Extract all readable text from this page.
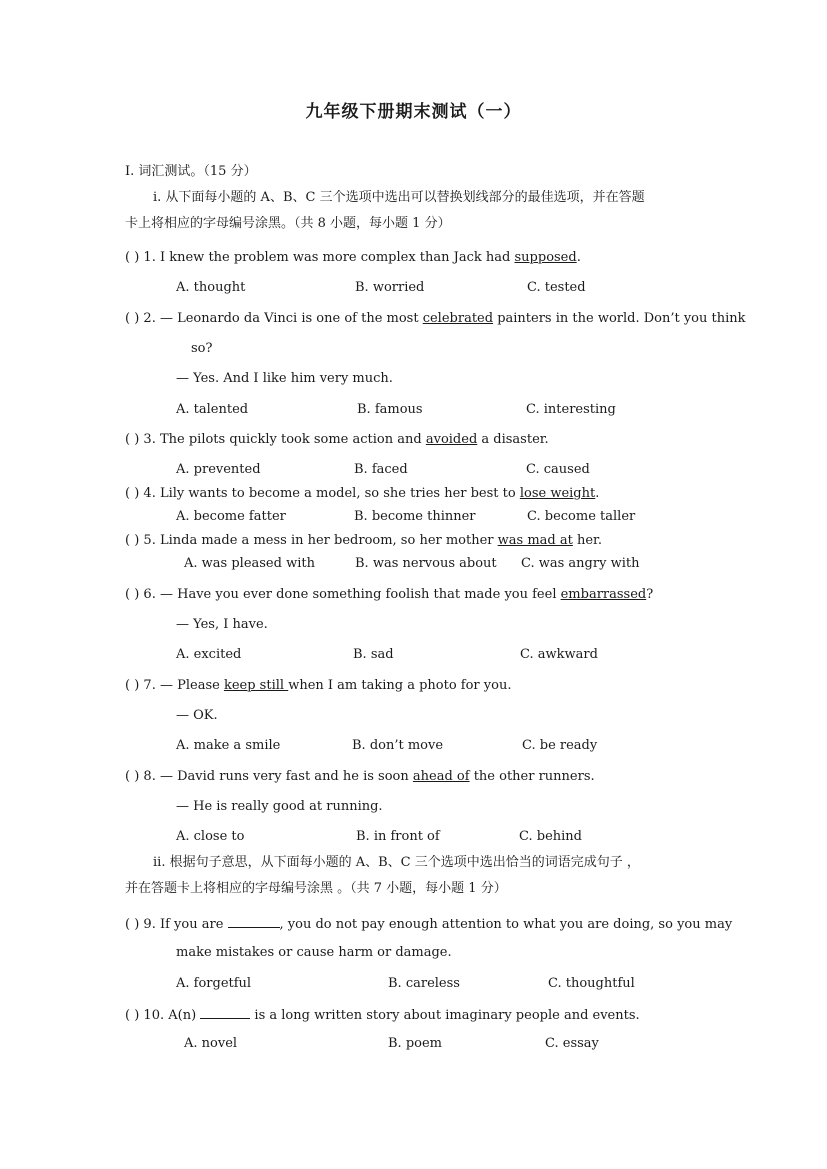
九年级下册期末测试（一）
I. 词汇测试。（15 分）
i. 从下面每小题的 A、B、C 三个选项中选出可以替换划线部分的最佳选项，并在答题
卡上将相应的字母编号涂黑。（共 8 小题，每小题 1 分）
( ) 1. I knew the problem was more complex than Jack had supposed.
A. thought	B. worried	C. tested
( ) 2. — Leonardo da Vinci is one of the most celebrated painters in the world. Don’t you think
so?
— Yes. And I like him very much.
A. talented	B. famous	C. interesting
( ) 3. The pilots quickly took some action and avoided a disaster.
A. prevented	B. faced	C. caused
( ) 4. Lily wants to become a model, so she tries her best to lose weight.
A. become fatter	B. become thinner	C. become taller
( ) 5. Linda made a mess in her bedroom, so her mother was mad at her.
A. was pleased with	B. was nervous about C. was angry with
( ) 6. — Have you ever done something foolish that made you feel embarrassed?
— Yes, I have.
A. excited	B. sad	C. awkward
( ) 7. — Please keep still when I am taking a photo for you.
— OK.
A. make a smile	B. don’t move	C. be ready
( ) 8. — David runs very fast and he is soon ahead of the other runners.
— He is really good at running.
A. close to	B. in front of	C. behind
ii. 根据句子意思，从下面每小题的 A、B、C 三个选项中选出恰当的词语完成句子 ，
并在答题卡上将相应的字母编号涂黑 。（共 7 小题，每小题 1 分）
( ) 9. If you are	, you do not pay enough attention to what you are doing, so you may
make mistakes or cause harm or damage.
A. forgetful	B. careless	C. thoughtful
( ) 10. A(n)	is a long written story about imaginary people and events.
A. novel	B. poem	C. essay
